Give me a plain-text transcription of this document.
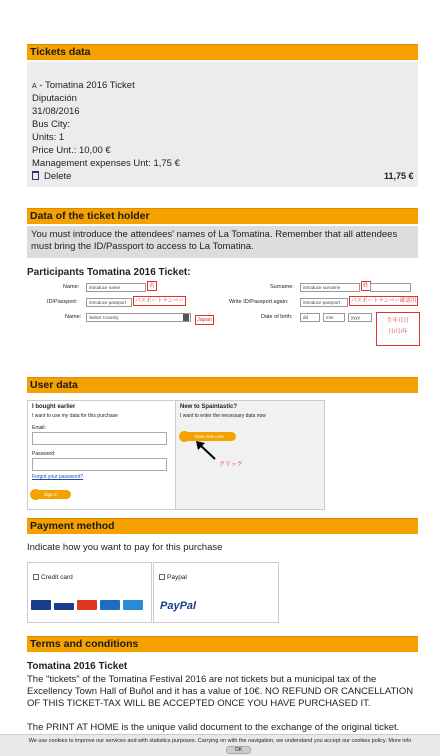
Tickets data
A - Tomatina 2016 Ticket
Diputación
31/08/2016
Bus City:
Units: 1
Price Unt.: 10,00 €
Management expenses Unt: 1,75 €
Delete	11,75 €
Data of the ticket holder
You must introduce the attendees' names of La Tomatina. Remember that all attendees must bring the ID/Passport to access to La Tomatina.
Participants Tomatina 2016 Ticket:
Name:	introduce name	名	Surname:	introduce surname	姓
ID/Passport:	introduce passport	パスポートナンバー	Write ID/Passport again:	introduce passport	パスポートナンバー確認用
Name:	Select Country	Japan	Date of birth:	dd	mm	yyyy
生年月日
日/月/年
User data
I bought earlier
I want to use my data for this purchase
Email:
Password:
Forgot your password?
Sign in
New to Spaintastic?
I want to enter the necessary data now
Data new user
クリック
Payment method
Indicate how you want to pay for this purchase
Credit card	Paypal
PayPal
Terms and conditions
Tomatina 2016 Ticket
The "tickets" of the Tomatina Festival 2016 are not tickets but a municipal tax of the Excellency Town Hall of Buñol and it has a value of 10€. NO REFUND OR CANCELLATION OF THIS TICKET-TAX WILL BE ACCEPTED ONCE YOU HAVE PURCHASED IT.
The PRINT AT HOME is the unique valid document to the exchange of the original ticket.
We use cookies to improve our services and with statistics purposes. Carrying on with the navigation, we understand you accept our cookies policy. More info
OK
